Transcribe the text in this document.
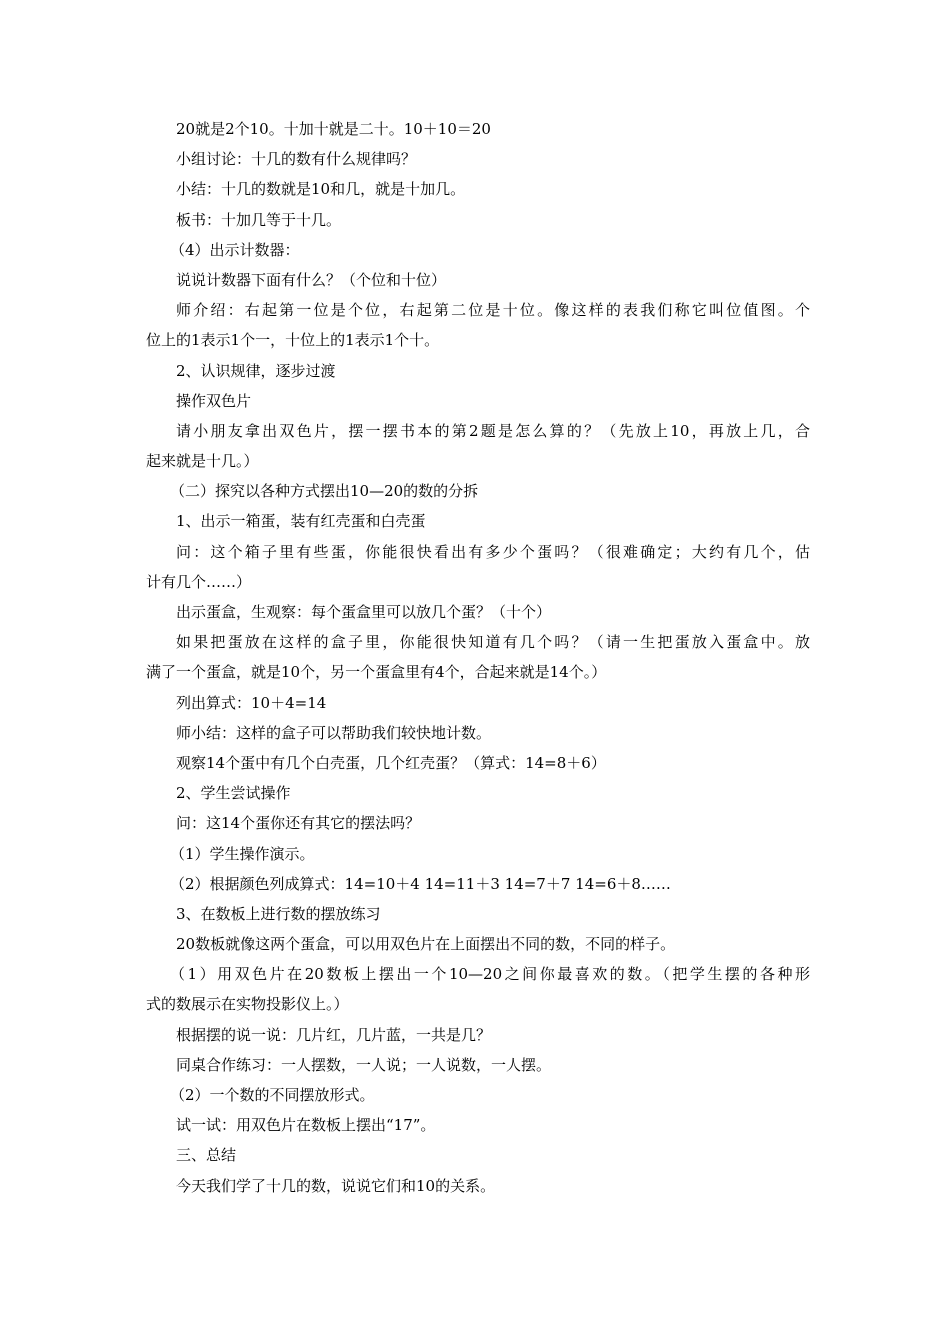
20就是2个10。十加十就是二十。10＋10＝20
小组讨论：十几的数有什么规律吗？
小结：十几的数就是10和几，就是十加几。
板书：十加几等于十几。
（4）出示计数器：
说说计数器下面有什么？（个位和十位）
师介绍：右起第一位是个位，右起第二位是十位。像这样的表我们称它叫位值图。个
位上的1表示1个一，十位上的1表示1个十。
2、认识规律，逐步过渡
操作双色片
请小朋友拿出双色片，摆一摆书本的第2题是怎么算的？（先放上10，再放上几，合
起来就是十几。）
（二）探究以各种方式摆出10—20的数的分拆
1、出示一箱蛋，装有红壳蛋和白壳蛋
问：这个箱子里有些蛋，你能很快看出有多少个蛋吗？（很难确定；大约有几个，估
计有几个……）
出示蛋盒，生观察：每个蛋盒里可以放几个蛋？（十个）
如果把蛋放在这样的盒子里，你能很快知道有几个吗？（请一生把蛋放入蛋盒中。放
满了一个蛋盒，就是10个，另一个蛋盒里有4个，合起来就是14个。）
列出算式：10＋4=14
师小结：这样的盒子可以帮助我们较快地计数。
观察14个蛋中有几个白壳蛋，几个红壳蛋？（算式：14=8＋6）
2、学生尝试操作
问：这14个蛋你还有其它的摆法吗？
（1）学生操作演示。
（2）根据颜色列成算式：14=10＋4 14=11＋3 14=7＋7 14=6＋8……
3、在数板上进行数的摆放练习
20数板就像这两个蛋盒，可以用双色片在上面摆出不同的数，不同的样子。
（1）用双色片在20数板上摆出一个10—20之间你最喜欢的数。（把学生摆的各种形
式的数展示在实物投影仪上。）
根据摆的说一说：几片红，几片蓝，一共是几？
同桌合作练习：一人摆数，一人说；一人说数，一人摆。
（2）一个数的不同摆放形式。
试一试：用双色片在数板上摆出“17”。
三、总结
今天我们学了十几的数，说说它们和10的关系。
